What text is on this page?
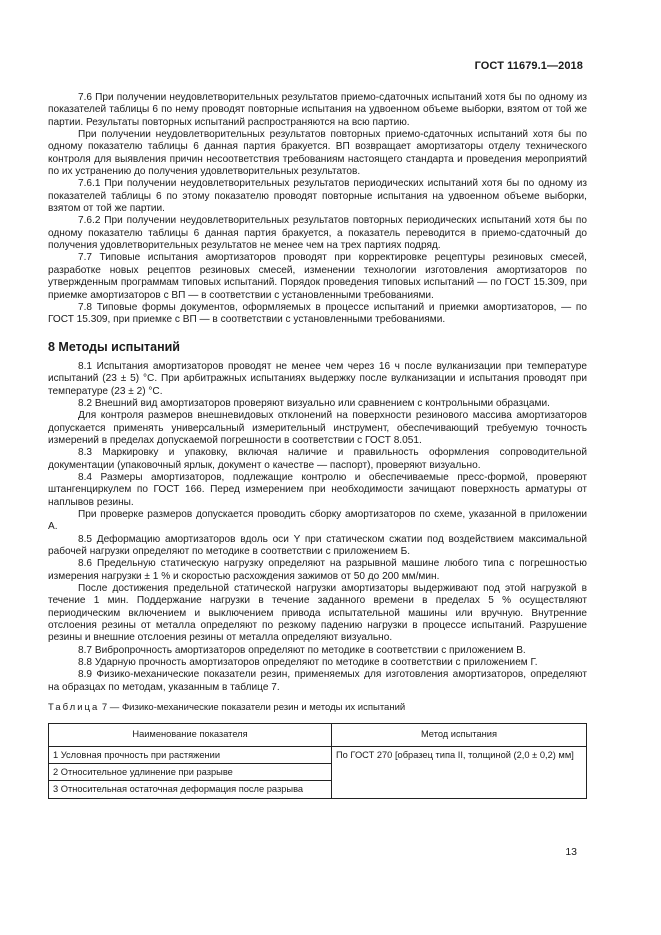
ГОСТ 11679.1—2018

7.6 При получении неудовлетворительных результатов приемо-сдаточных испытаний хотя бы по одному из показателей таблицы 6 по нему проводят повторные испытания на удвоенном объеме выборки, взятом от той же партии. Результаты повторных испытаний распространяются на всю партию.

При получении неудовлетворительных результатов повторных приемо-сдаточных испытаний хотя бы по одному показателю таблицы 6 данная партия бракуется. ВП возвращает амортизаторы отделу технического контроля для выявления причин несоответствия требованиям настоящего стандарта и проведения мероприятий по их устранению до получения удовлетворительных результатов.

7.6.1 При получении неудовлетворительных результатов периодических испытаний хотя бы по одному из показателей таблицы 6 по этому показателю проводят повторные испытания на удвоенном объеме выборки, взятом от той же партии.

7.6.2 При получении неудовлетворительных результатов повторных периодических испытаний хотя бы по одному показателю таблицы 6 данная партия бракуется, а показатель переводится в приемо-сдаточный до получения удовлетворительных результатов не менее чем на трех партиях подряд.

7.7 Типовые испытания амортизаторов проводят при корректировке рецептуры резиновых смесей, разработке новых рецептов резиновых смесей, изменении технологии изготовления амортизаторов по утвержденным программам типовых испытаний. Порядок проведения типовых испытаний — по ГОСТ 15.309, при приемке амортизаторов с ВП — в соответствии с установленными требованиями.

7.8 Типовые формы документов, оформляемых в процессе испытаний и приемки амортизаторов, — по ГОСТ 15.309, при приемке с ВП — в соответствии с установленными требованиями.

8 Методы испытаний

8.1 Испытания амортизаторов проводят не менее чем через 16 ч после вулканизации при температуре испытаний (23 ± 5) °С. При арбитражных испытаниях выдержку после вулканизации и испытания проводят при температуре (23 ± 2) °С.

8.2 Внешний вид амортизаторов проверяют визуально или сравнением с контрольными образцами.

Для контроля размеров внешневидовых отклонений на поверхности резинового массива амортизаторов допускается применять универсальный измерительный инструмент, обеспечивающий требуемую точность измерений в пределах допускаемой погрешности в соответствии с ГОСТ 8.051.

8.3 Маркировку и упаковку, включая наличие и правильность оформления сопроводительной документации (упаковочный ярлык, документ о качестве — паспорт), проверяют визуально.

8.4 Размеры амортизаторов, подлежащие контролю и обеспечиваемые пресс-формой, проверяют штангенциркулем по ГОСТ 166. Перед измерением при необходимости зачищают поверхность арматуры от наплывов резины.

При проверке размеров допускается проводить сборку амортизаторов по схеме, указанной в приложении А.

8.5 Деформацию амортизаторов вдоль оси Y при статическом сжатии под воздействием максимальной рабочей нагрузки определяют по методике в соответствии с приложением Б.

8.6 Предельную статическую нагрузку определяют на разрывной машине любого типа с погрешностью измерения нагрузки ± 1 % и скоростью расхождения зажимов от 50 до 200 мм/мин.

После достижения предельной статической нагрузки амортизаторы выдерживают под этой нагрузкой в течение 1 мин. Поддержание нагрузки в течение заданного времени в пределах 5 % осуществляют периодическим включением и выключением привода испытательной машины или вручную. Внутренние отслоения резины от металла определяют по резкому падению нагрузки в процессе испытаний. Разрушение резины и внешние отслоения резины от металла определяют визуально.

8.7 Вибропрочность амортизаторов определяют по методике в соответствии с приложением В.

8.8 Ударную прочность амортизаторов определяют по методике в соответствии с приложением Г.

8.9 Физико-механические показатели резин, применяемых для изготовления амортизаторов, определяют на образцах по методам, указанным в таблице 7.

Таблица 7 — Физико-механические показатели резин и методы их испытаний
Наименование показателя	Метод испытания
1 Условная прочность при растяжении	По ГОСТ 270 [образец типа II, толщиной (2,0 ± 0,2) мм]
2 Относительное удлинение при разрыве	
3 Относительная остаточная деформация после разрыва	
13
